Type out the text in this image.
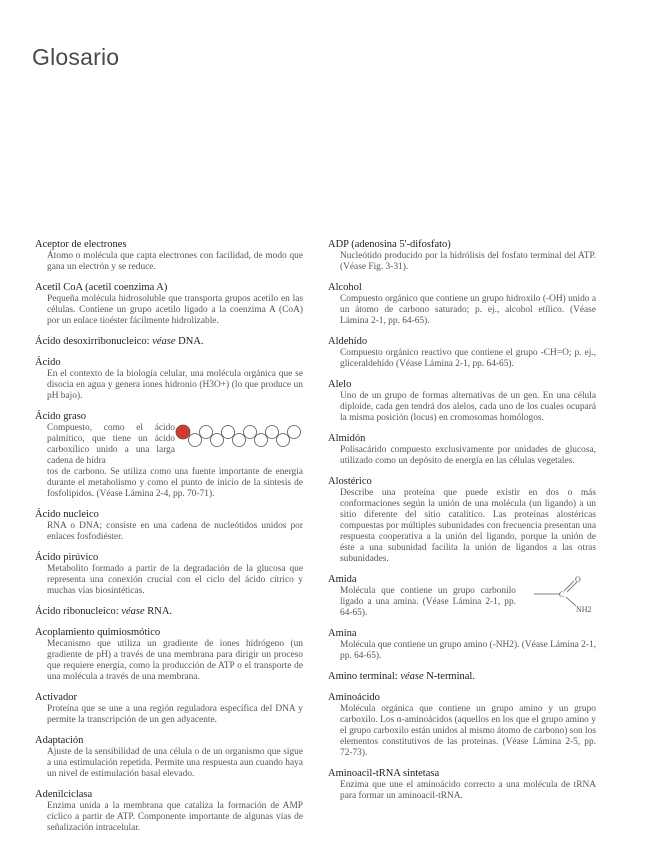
Glosario
Aceptor de electrones
Átomo o molécula que capta electrones con facilidad, de modo que gana un electrón y se reduce.
Acetil CoA (acetil coenzima A)
Pequeña molécula hidrosoluble que transporta grupos acetilo en las células. Contiene un grupo acetilo ligado a la coenzima A (CoA) por un enlace tioéster fácilmente hidrolizable.
Ácido desoxirribonucleico: véase DNA.
Ácido
En el contexto de la biología celular, una molécula orgánica que se disocia en agua y genera iones hidronio (H3O+) (lo que produce un pH bajo).
Ácido graso
Compuesto, como el ácido palmítico, que tiene un ácido carboxílico unido a una larga cadena de hidra
tos de carbono. Se utiliza como una fuente importante de energía durante el metabolismo y como el punto de inicio de la síntesis de fosfolípidos. (Véase Lámina 2-4, pp. 70-71).
Ácido nucleico
RNA o DNA; consiste en una cadena de nucleótidos unidos por enlaces fosfodiéster.
Ácido pirúvico
Metabolito formado a partir de la degradación de la glucosa que representa una conexión crucial con el ciclo del ácido cítrico y muchas vías biosintéticas.
Ácido ribonucleico: véase RNA.
Acoplamiento quimiosmótico
Mecanismo que utiliza un gradiente de iones hidrógeno (un gradiente de pH) a través de una membrana para dirigir un proceso que requiere energía, como la producción de ATP o el transporte de una molécula a través de una membrana.
Activador
Proteína que se une a una región reguladora específica del DNA y permite la transcripción de un gen adyacente.
Adaptación
Ajuste de la sensibilidad de una célula o de un organismo que sigue a una estimulación repetida. Permite una respuesta aun cuando haya un nivel de estimulación basal elevado.
Adenilciclasa
Enzima unida a la membrana que cataliza la formación de AMP cíclico a partir de ATP. Componente importante de algunas vías de señalización intracelular.
ADP (adenosina 5'-difosfato)
Nucleótido producido por la hidrólisis del fosfato terminal del ATP. (Véase Fig. 3-31).
Alcohol
Compuesto orgánico que contiene un grupo hidroxilo (-OH) unido a un átomo de carbono saturado; p. ej., alcohol etílico. (Véase Lámina 2-1, pp. 64-65).
Aldehído
Compuesto orgánico reactivo que contiene el grupo -CH=O; p. ej., gliceraldehído (Véase Lámina 2-1, pp. 64-65).
Alelo
Uno de un grupo de formas alternativas de un gen. En una célula diploide, cada gen tendrá dos alelos, cada uno de los cuales ocupará la misma posición (locus) en cromosomas homólogos.
Almidón
Polisacárido compuesto exclusivamente por unidades de glucosa, utilizado como un depósito de energía en las células vegetales.
Alostérico
Describe una proteína que puede existir en dos o más conformaciones según la unión de una molécula (un ligando) a un sitio diferente del sitio catalítico. Las proteínas alostéricas compuestas por múltiples subunidades con frecuencia presentan una respuesta cooperativa a la unión del ligando, porque la unión de éste a una subunidad facilita la unión de ligandos a las otras subunidades.
Amida
Molécula que contiene un grupo carbonilo ligado a una amina. (Véase Lámina 2-1, pp. 64-65).
C
O
NH2
Amina
Molécula que contiene un grupo amino (-NH2). (Véase Lámina 2-1, pp. 64-65).
Amino terminal: véase N-terminal.
Aminoácido
Molécula orgánica que contiene un grupo amino y un grupo carboxilo. Los α-aminoácidos (aquellos en los que el grupo amino y el grupo carboxilo están unidos al mismo átomo de carbono) son los elementos constitutivos de las proteínas. (Véase Lámina 2-5, pp. 72-73).
Aminoacil-tRNA sintetasa
Enzima que une el aminoácido correcto a una molécula de tRNA para formar un aminoacil-tRNA.
